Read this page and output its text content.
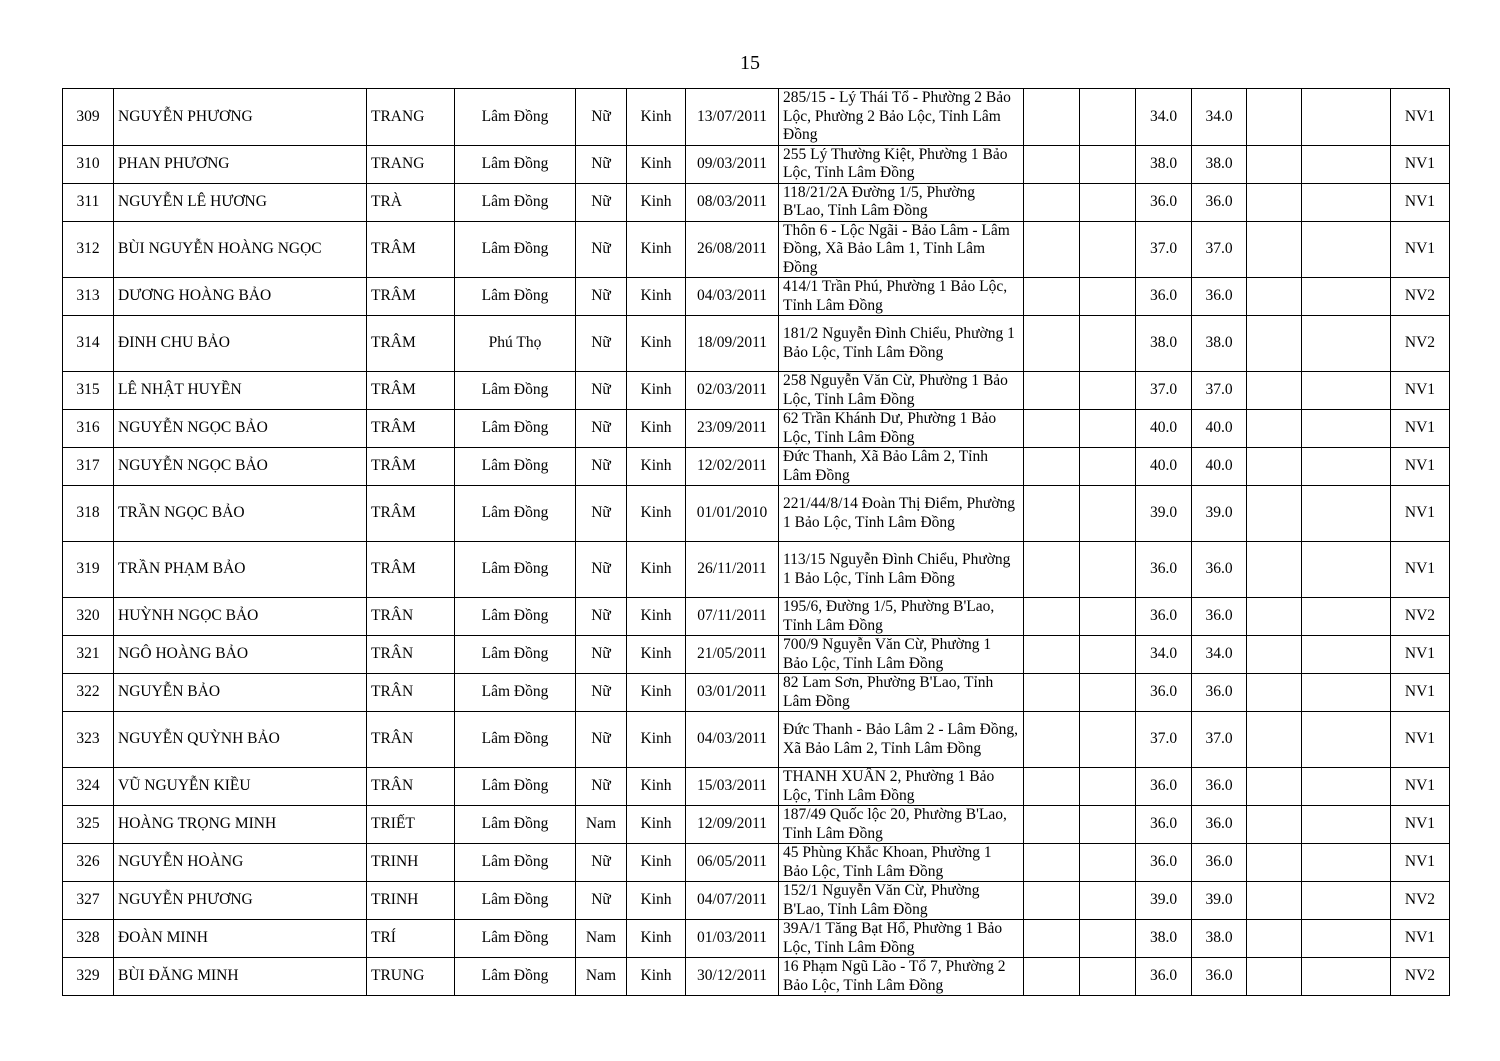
15
309	NGUYỄN PHƯƠNG	TRANG	Lâm Đồng	Nữ	Kinh	13/07/2011	285/15 - Lý Thái Tổ - Phường 2 Bảo Lộc, Phường 2 Bảo Lộc, Tỉnh Lâm Đồng			34.0	34.0			NV1
310	PHAN PHƯƠNG	TRANG	Lâm Đồng	Nữ	Kinh	09/03/2011	255 Lý Thường Kiệt, Phường 1 Bảo Lộc, Tỉnh Lâm Đồng			38.0	38.0			NV1
311	NGUYỄN LÊ HƯƠNG	TRÀ	Lâm Đồng	Nữ	Kinh	08/03/2011	118/21/2A Đường 1/5, Phường B'Lao, Tỉnh Lâm Đồng			36.0	36.0			NV1
312	BÙI NGUYỄN HOÀNG NGỌC	TRÂM	Lâm Đồng	Nữ	Kinh	26/08/2011	Thôn 6 - Lộc Ngãi - Bảo Lâm - Lâm Đồng, Xã Bảo Lâm 1, Tỉnh Lâm Đồng			37.0	37.0			NV1
313	DƯƠNG HOÀNG BẢO	TRÂM	Lâm Đồng	Nữ	Kinh	04/03/2011	414/1 Trần Phú, Phường 1 Bảo Lộc, Tỉnh Lâm Đồng			36.0	36.0			NV2
314	ĐINH CHU BẢO	TRÂM	Phú Thọ	Nữ	Kinh	18/09/2011	181/2 Nguyễn Đình Chiểu, Phường 1 Bảo Lộc, Tỉnh Lâm Đồng			38.0	38.0			NV2
315	LÊ NHẬT HUYỀN	TRÂM	Lâm Đồng	Nữ	Kinh	02/03/2011	258 Nguyễn Văn Cừ, Phường 1 Bảo Lộc, Tỉnh Lâm Đồng			37.0	37.0			NV1
316	NGUYỄN NGỌC BẢO	TRÂM	Lâm Đồng	Nữ	Kinh	23/09/2011	62 Trần Khánh Dư, Phường 1 Bảo Lộc, Tỉnh Lâm Đồng			40.0	40.0			NV1
317	NGUYỄN NGỌC BẢO	TRÂM	Lâm Đồng	Nữ	Kinh	12/02/2011	Đức Thanh, Xã Bảo Lâm 2, Tỉnh Lâm Đồng			40.0	40.0			NV1
318	TRẦN NGỌC BẢO	TRÂM	Lâm Đồng	Nữ	Kinh	01/01/2010	221/44/8/14 Đoàn Thị Điểm, Phường 1 Bảo Lộc, Tỉnh Lâm Đồng			39.0	39.0			NV1
319	TRẦN PHẠM BẢO	TRÂM	Lâm Đồng	Nữ	Kinh	26/11/2011	113/15 Nguyễn Đình Chiểu, Phường 1 Bảo Lộc, Tỉnh Lâm Đồng			36.0	36.0			NV1
320	HUỲNH NGỌC BẢO	TRÂN	Lâm Đồng	Nữ	Kinh	07/11/2011	195/6, Đường 1/5, Phường B'Lao, Tỉnh Lâm Đồng			36.0	36.0			NV2
321	NGÔ HOÀNG BẢO	TRÂN	Lâm Đồng	Nữ	Kinh	21/05/2011	700/9 Nguyễn Văn Cừ, Phường 1 Bảo Lộc, Tỉnh Lâm Đồng			34.0	34.0			NV1
322	NGUYỄN BẢO	TRÂN	Lâm Đồng	Nữ	Kinh	03/01/2011	82 Lam Sơn, Phường B'Lao, Tỉnh Lâm Đồng			36.0	36.0			NV1
323	NGUYỄN QUỲNH BẢO	TRÂN	Lâm Đồng	Nữ	Kinh	04/03/2011	Đức Thanh - Bảo Lâm 2 - Lâm Đồng, Xã Bảo Lâm 2, Tỉnh Lâm Đồng			37.0	37.0			NV1
324	VŨ NGUYỄN KIỀU	TRÂN	Lâm Đồng	Nữ	Kinh	15/03/2011	THANH XUÂN 2, Phường 1 Bảo Lộc, Tỉnh Lâm Đồng			36.0	36.0			NV1
325	HOÀNG TRỌNG MINH	TRIẾT	Lâm Đồng	Nam	Kinh	12/09/2011	187/49 Quốc lộc 20, Phường B'Lao, Tỉnh Lâm Đồng			36.0	36.0			NV1
326	NGUYỄN HOÀNG	TRINH	Lâm Đồng	Nữ	Kinh	06/05/2011	45 Phùng Khắc Khoan, Phường 1 Bảo Lộc, Tỉnh Lâm Đồng			36.0	36.0			NV1
327	NGUYỄN PHƯƠNG	TRINH	Lâm Đồng	Nữ	Kinh	04/07/2011	152/1 Nguyễn Văn Cừ, Phường B'Lao, Tỉnh Lâm Đồng			39.0	39.0			NV2
328	ĐOÀN MINH	TRÍ	Lâm Đồng	Nam	Kinh	01/03/2011	39A/1 Tăng Bạt Hổ, Phường 1 Bảo Lộc, Tỉnh Lâm Đồng			38.0	38.0			NV1
329	BÙI ĐĂNG MINH	TRUNG	Lâm Đồng	Nam	Kinh	30/12/2011	16 Phạm Ngũ Lão - Tổ 7, Phường 2 Bảo Lộc, Tỉnh Lâm Đồng			36.0	36.0			NV2
